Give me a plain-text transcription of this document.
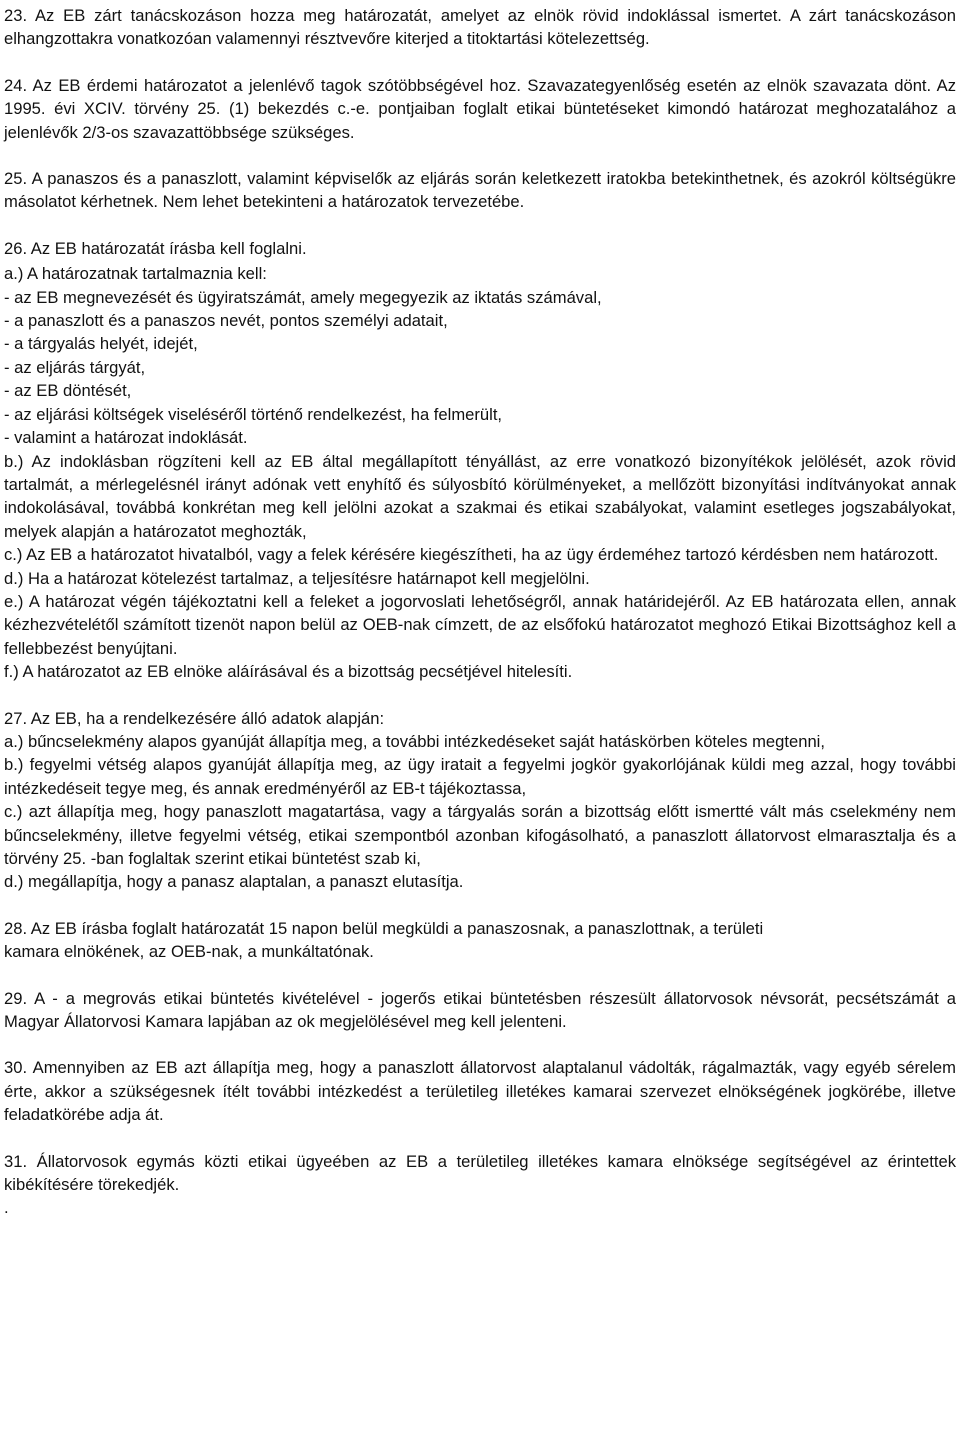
23. Az EB zárt tanácskozáson hozza meg határozatát, amelyet az elnök rövid indoklással ismertet. A zárt tanácskozáson elhangzottakra vonatkozóan valamennyi résztvevőre kiterjed a titoktartási kötelezettség.

24. Az EB érdemi határozatot a jelenlévő tagok szótöbbségével hoz. Szavazategyenlőség esetén az elnök szavazata dönt. Az 1995. évi XCIV. törvény 25. (1) bekezdés c.-e. pontjaiban foglalt etikai büntetéseket kimondó határozat meghozatalához a jelenlévők 2/3-os szavazattöbbsége szükséges.

25. A panaszos és a panaszlott, valamint képviselők az eljárás során keletkezett iratokba betekinthetnek, és azokról költségükre másolatot kérhetnek. Nem lehet betekinteni a határozatok tervezetébe.

26. Az EB határozatát írásba kell foglalni.

a.) A határozatnak tartalmaznia kell:

- az EB megnevezését és ügyiratszámát, amely megegyezik az iktatás számával,

- a panaszlott és a panaszos nevét, pontos személyi adatait,

- a tárgyalás helyét, idejét,

- az eljárás tárgyát,

- az EB döntését,

- az eljárási költségek viseléséről történő rendelkezést, ha felmerült,

- valamint a határozat indoklását.

b.) Az indoklásban rögzíteni kell az EB által megállapított tényállást, az erre vonatkozó bizonyítékok jelölését, azok rövid tartalmát, a mérlegelésnél irányt adónak vett enyhítő és súlyosbító körülményeket, a mellőzött bizonyítási indítványokat annak indokolásával, továbbá konkrétan meg kell jelölni azokat a szakmai és etikai szabályokat, valamint esetleges jogszabályokat, melyek alapján a határozatot meghozták,

c.) Az EB a határozatot hivatalból, vagy a felek kérésére kiegészítheti, ha az ügy érdeméhez tartozó kérdésben nem határozott.

d.) Ha a határozat kötelezést tartalmaz, a teljesítésre határnapot kell megjelölni.

e.) A határozat végén tájékoztatni kell a feleket a jogorvoslati lehetőségről, annak határidejéről. Az EB határozata ellen, annak kézhezvételétől számított tizenöt napon belül az OEB-nak címzett, de az elsőfokú határozatot meghozó Etikai Bizottsághoz kell a fellebbezést benyújtani.

f.) A határozatot az EB elnöke aláírásával és a bizottság pecsétjével hitelesíti.

27. Az EB, ha a rendelkezésére álló adatok alapján:

a.) bűncselekmény alapos gyanúját állapítja meg, a további intézkedéseket saját hatáskörben köteles megtenni,

b.) fegyelmi vétség alapos gyanúját állapítja meg, az ügy iratait a fegyelmi jogkör gyakorlójának küldi meg azzal, hogy további intézkedéseit tegye meg, és annak eredményéről az EB-t tájékoztassa,

c.) azt állapítja meg, hogy panaszlott magatartása, vagy a tárgyalás során a bizottság előtt ismertté vált más cselekmény nem bűncselekmény, illetve fegyelmi vétség, etikai szempontból azonban kifogásolható, a panaszlott állatorvost elmarasztalja és a törvény 25. -ban foglaltak szerint etikai büntetést szab ki,

d.) megállapítja, hogy a panasz alaptalan, a panaszt elutasítja.

28. Az EB írásba foglalt határozatát 15 napon belül megküldi a panaszosnak, a panaszlottnak, a területi

kamara elnökének, az OEB-nak, a munkáltatónak.

29. A - a megrovás etikai büntetés kivételével - jogerős etikai büntetésben részesült állatorvosok névsorát, pecsétszámát a Magyar Állatorvosi Kamara lapjában az ok megjelölésével meg kell jelenteni.

30. Amennyiben az EB azt állapítja meg, hogy a panaszlott állatorvost alaptalanul vádolták, rágalmazták, vagy egyéb sérelem érte, akkor a szükségesnek ítélt további intézkedést a területileg illetékes kamarai szervezet elnökségének jogkörébe, illetve feladatkörébe adja át.

31. Állatorvosok egymás közti etikai ügyeében az EB a területileg illetékes kamara elnöksége segítségével az érintettek kibékítésére törekedjék.

.
